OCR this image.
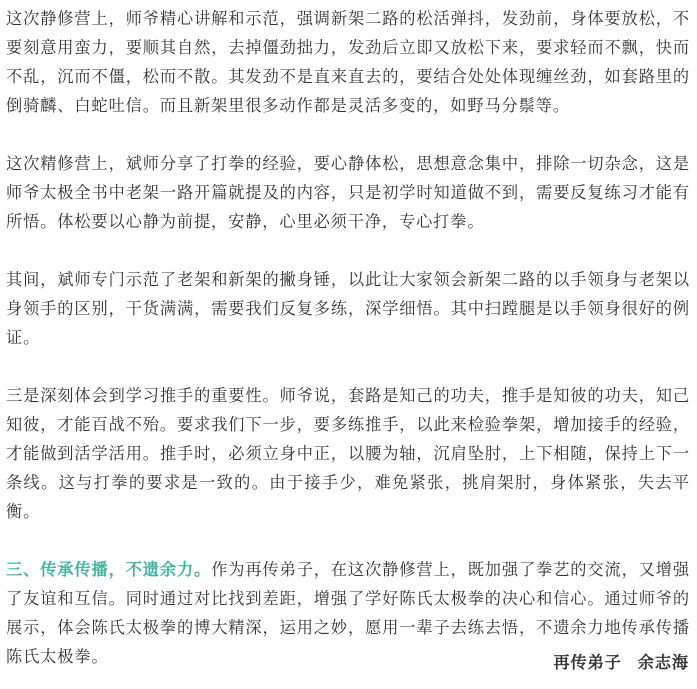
这次静修营上，师爷精心讲解和示范，强调新架二路的松活弹抖，发劲前，身体要放松，不要刻意用蛮力，要顺其自然，去掉僵劲拙力，发劲后立即又放松下来，要求轻而不飘，快而不乱，沉而不僵，松而不散。其发劲不是直来直去的，要结合处处体现缠丝劲，如套路里的倒骑麟、白蛇吐信。而且新架里很多动作都是灵活多变的，如野马分鬃等。

这次精修营上，斌师分享了打拳的经验，要心静体松，思想意念集中，排除一切杂念，这是师爷太极全书中老架一路开篇就提及的内容，只是初学时知道做不到，需要反复练习才能有所悟。体松要以心静为前提，安静，心里必须干净，专心打拳。

其间，斌师专门示范了老架和新架的撇身锤，以此让大家领会新架二路的以手领身与老架以身领手的区别，干货满满，需要我们反复多练，深学细悟。其中扫蹚腿是以手领身很好的例证。

三是深刻体会到学习推手的重要性。师爷说，套路是知己的功夫，推手是知彼的功夫，知己知彼，才能百战不殆。要求我们下一步，要多练推手，以此来检验拳架，增加接手的经验，才能做到活学活用。推手时，必须立身中正，以腰为轴，沉肩坠肘，上下相随，保持上下一条线。这与打拳的要求是一致的。由于接手少，难免紧张，挑肩架肘，身体紧张，失去平衡。

三、传承传播，不遗余力。作为再传弟子，在这次静修营上，既加强了拳艺的交流，又增强了友谊和互信。同时通过对比找到差距，增强了学好陈氏太极拳的决心和信心。通过师爷的展示，体会陈氏太极拳的博大精深，运用之妙，愿用一辈子去练去悟，不遗余力地传承传播陈氏太极拳。	再传弟子 余志海
